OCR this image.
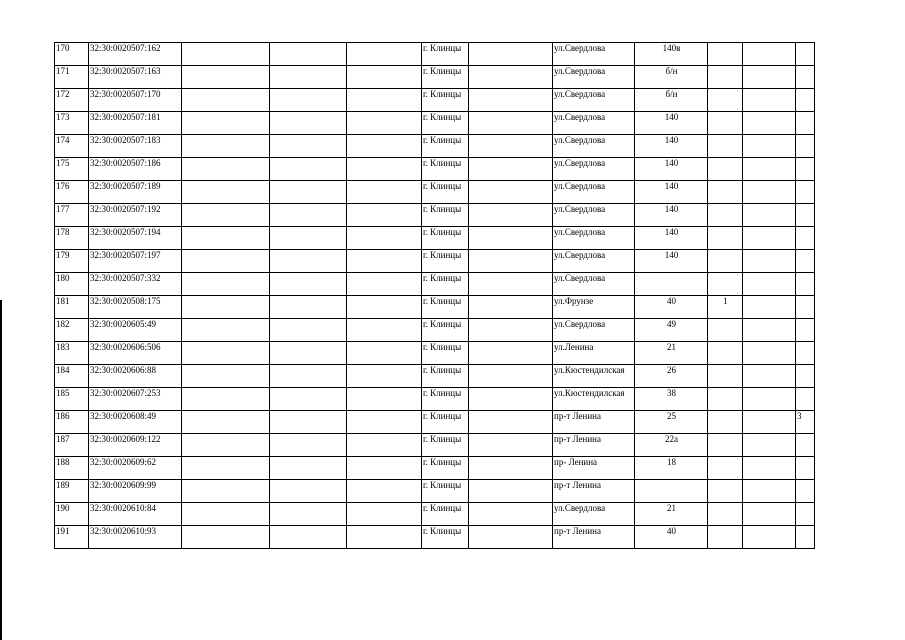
170	32:30:0020507:162				г. Клинцы		ул.Свердлова	140в			
171	32:30:0020507:163				г. Клинцы		ул.Свердлова	б/н			
172	32:30:0020507:170				г. Клинцы		ул.Свердлова	б/н			
173	32:30:0020507:181				г. Клинцы		ул.Свердлова	140			
174	32:30:0020507:183				г. Клинцы		ул.Свердлова	140			
175	32:30:0020507:186				г. Клинцы		ул.Свердлова	140			
176	32:30:0020507:189				г. Клинцы		ул.Свердлова	140			
177	32:30:0020507:192				г. Клинцы		ул.Свердлова	140			
178	32:30:0020507:194				г. Клинцы		ул.Свердлова	140			
179	32:30:0020507:197				г. Клинцы		ул.Свердлова	140			
180	32:30:0020507:332				г. Клинцы		ул.Свердлова				
181	32:30:0020508:175				г. Клинцы		ул.Фрунзе	40	1		
182	32:30:0020605:49				г. Клинцы		ул.Свердлова	49			
183	32:30:0020606:506				г. Клинцы		ул.Ленина	21			
184	32:30:0020606:88				г. Клинцы		ул.Кюстендилская	26			
185	32:30:0020607:253				г. Клинцы		ул.Кюстендилская	38			
186	32:30:0020608:49				г. Клинцы		пр-т Ленина	25			3
187	32:30:0020609:122				г. Клинцы		пр-т Ленина	22а			
188	32:30:0020609:62				г. Клинцы		пр- Ленина	18			
189	32:30:0020609:99				г. Клинцы		пр-т Ленина				
190	32:30:0020610:84				г. Клинцы		ул.Свердлова	21			
191	32:30:0020610:93				г. Клинцы		пр-т Ленина	40			
